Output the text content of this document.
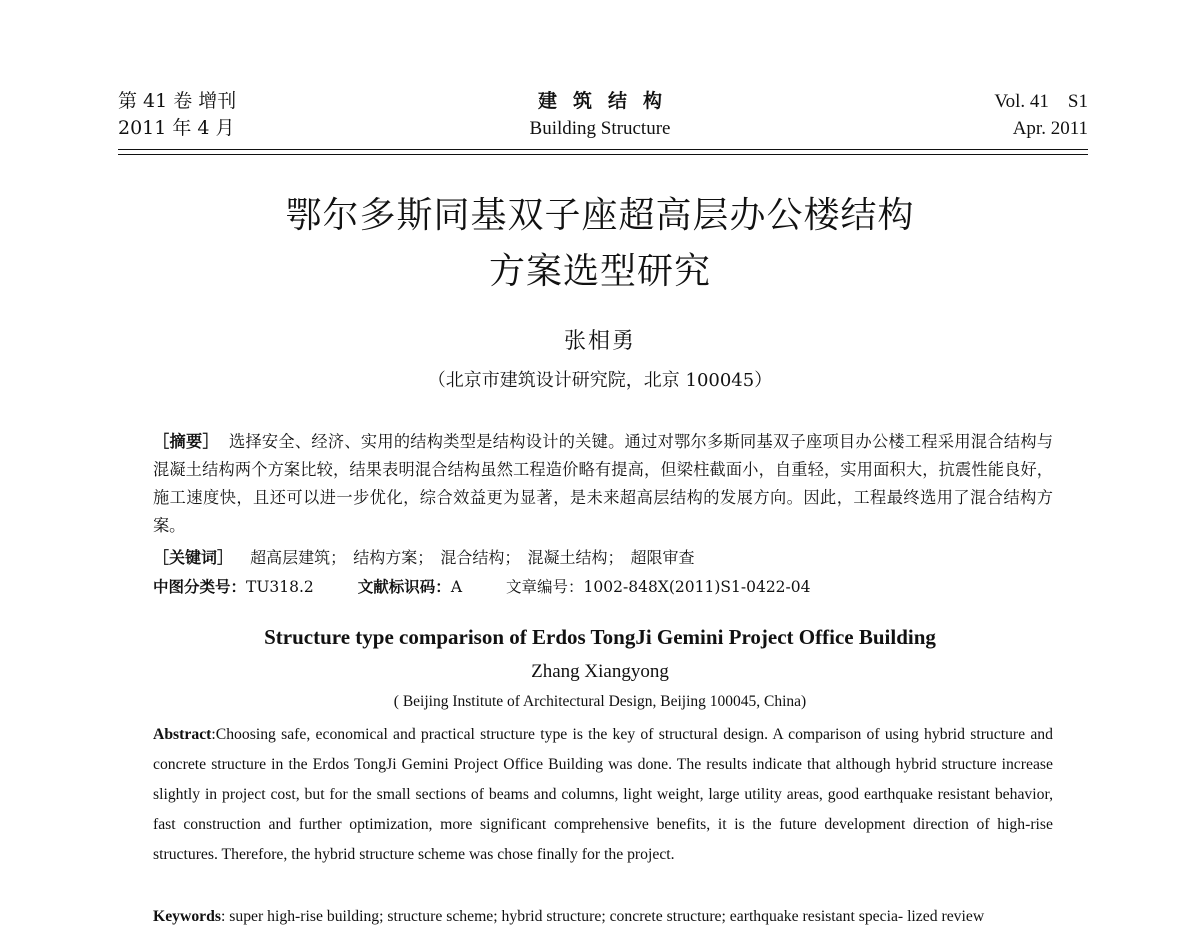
第 41 卷 增刊
2011 年 4 月
建筑结构
Building Structure
Vol. 41    S1
Apr. 2011
鄂尔多斯同基双子座超高层办公楼结构
方案选型研究
张相勇
（北京市建筑设计研究院，北京 100045）
［摘要］ 选择安全、经济、实用的结构类型是结构设计的关键。通过对鄂尔多斯同基双子座项目办公楼工程采用混合结构与混凝土结构两个方案比较，结果表明混合结构虽然工程造价略有提高，但梁柱截面小，自重轻，实用面积大，抗震性能良好，施工速度快，且还可以进一步优化，综合效益更为显著，是未来超高层结构的发展方向。因此，工程最终选用了混合结构方案。
［关键词］ 超高层建筑； 结构方案； 混合结构； 混凝土结构； 超限审查
中图分类号：TU318.2	文献标识码：A	文章编号：1002-848X(2011)S1-0422-04
Structure type comparison of Erdos TongJi Gemini Project Office Building
Zhang Xiangyong
( Beijing Institute of Architectural Design, Beijing 100045, China)
Abstract:Choosing safe, economical and practical structure type is the key of structural design. A comparison of using hybrid structure and concrete structure in the Erdos TongJi Gemini Project Office Building was done. The results indicate that although hybrid structure increase slightly in project cost, but for the small sections of beams and columns, light weight, large utility areas, good earthquake resistant behavior, fast construction and further optimization, more significant comprehensive benefits, it is the future development direction of high-rise structures. Therefore, the hybrid structure scheme was chose finally for the project.
Keywords: super high-rise building; structure scheme; hybrid structure; concrete structure; earthquake resistant specia- lized review
